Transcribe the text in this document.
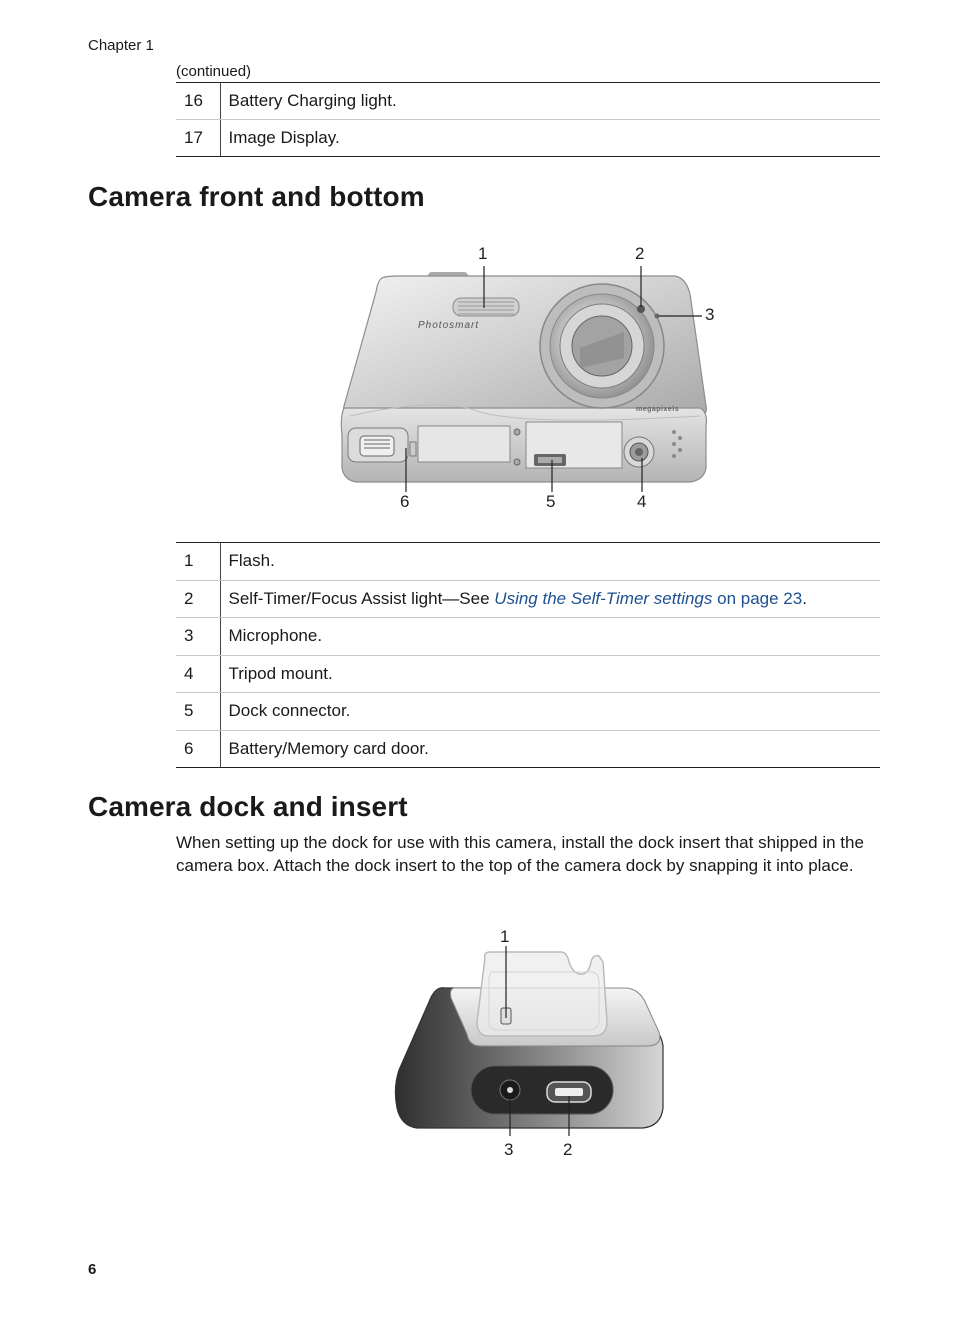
Chapter 1
(continued)
16	Battery Charging light.
17	Image Display.
Camera front and bottom
Photosmart
megapixels
1	2
3
4
5
6
1	Flash.
2	Self-Timer/Focus Assist light—See Using the Self-Timer settings on page 23.
3	Microphone.
4	Tripod mount.
5	Dock connector.
6	Battery/Memory card door.
Camera dock and insert

When setting up the dock for use with this camera, install the dock insert that shipped in the camera box. Attach the dock insert to the top of the camera dock by snapping it into place.

1
3	2
6
